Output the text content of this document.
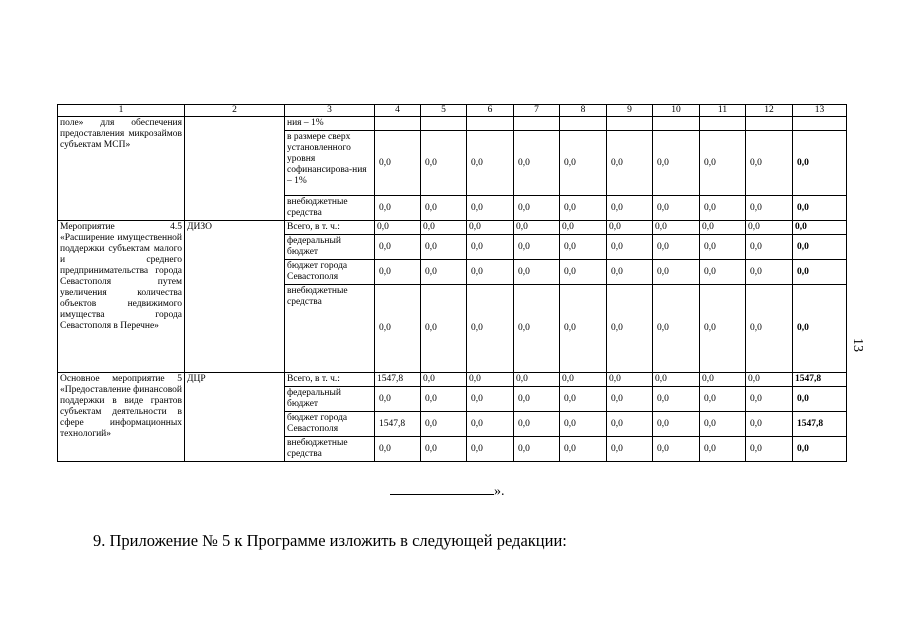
1	2	3	4	5	6	7	8	9	10	11	12	13
поле» для обеспечения предоставления микрозаймов субъектам МСП»		ния – 1%										
		в размере сверх установленного уровня софинансирова-ния – 1%	0,0	0,0	0,0	0,0	0,0	0,0	0,0	0,0	0,0	0,0
		внебюджетные средства	0,0	0,0	0,0	0,0	0,0	0,0	0,0	0,0	0,0	0,0
Мероприятие 4.5 «Расширение имущественной поддержки субъектам малого и среднего предпринимательства города Севастополя путем увеличения количества объектов недвижимого имущества города Севастополя в Перечне»	ДИЗО	Всего, в т. ч.:	0,0	0,0	0,0	0,0	0,0	0,0	0,0	0,0	0,0	0,0
		федеральный бюджет	0,0	0,0	0,0	0,0	0,0	0,0	0,0	0,0	0,0	0,0
		бюджет города Севастополя	0,0	0,0	0,0	0,0	0,0	0,0	0,0	0,0	0,0	0,0
		внебюджетные средства	0,0	0,0	0,0	0,0	0,0	0,0	0,0	0,0	0,0	0,0
Основное мероприятие 5 «Предоставление финансовой поддержки в виде грантов субъектам деятельности в сфере информационных технологий»	ДЦР	Всего, в т. ч.:	1547,8	0,0	0,0	0,0	0,0	0,0	0,0	0,0	0,0	1547,8
		федеральный бюджет	0,0	0,0	0,0	0,0	0,0	0,0	0,0	0,0	0,0	0,0
		бюджет города Севастополя	1547,8	0,0	0,0	0,0	0,0	0,0	0,0	0,0	0,0	1547,8
		внебюджетные средства	0,0	0,0	0,0	0,0	0,0	0,0	0,0	0,0	0,0	0,0
13
».
9. Приложение № 5 к Программе изложить в следующей редакции:
